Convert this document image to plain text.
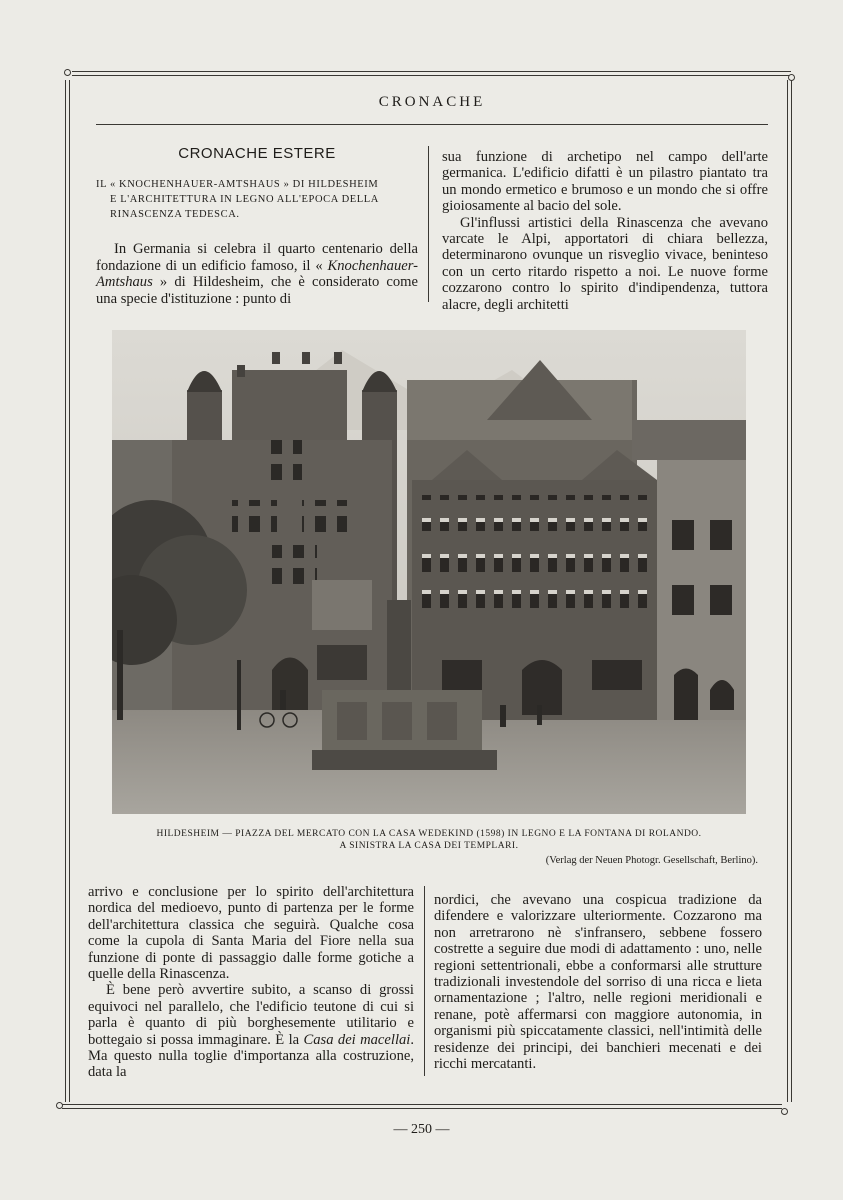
CRONACHE
CRONACHE ESTERE
IL « KNOCHENHAUER-AMTSHAUS » DI HILDESHEIM
E L'ARCHITETTURA IN LEGNO ALL'EPOCA DELLA
RINASCENZA TEDESCA.

In Germania si celebra il quarto centenario della fondazione di un edificio famoso, il « Knochenhauer-Amtshaus » di Hildesheim, che è considerato come una specie d'istituzione : punto di

sua funzione di archetipo nel campo dell'arte germanica. L'edificio difatti è un pilastro piantato tra un mondo ermetico e brumoso e un mondo che si offre gioiosamente al bacio del sole.

Gl'influssi artistici della Rinascenza che avevano varcate le Alpi, apportatori di chiara bellezza, determinarono ovunque un risveglio vivace, beninteso con un certo ritardo rispetto a noi. Le nuove forme cozzarono contro lo spirito d'indipendenza, tuttora alacre, degli architetti

HILDESHEIM — PIAZZA DEL MERCATO CON LA CASA WEDEKIND (1598) IN LEGNO E LA FONTANA DI ROLANDO.
A SINISTRA LA CASA DEI TEMPLARI.
(Verlag der Neuen Photogr. Gesellschaft, Berlino).

arrivo e conclusione per lo spirito dell'architettura nordica del medioevo, punto di partenza per le forme dell'architettura classica che seguirà. Qualche cosa come la cupola di Santa Maria del Fiore nella sua funzione di ponte di passaggio dalle forme gotiche a quelle della Rinascenza.

È bene però avvertire subito, a scanso di grossi equivoci nel parallelo, che l'edificio teutone di cui si parla è quanto di più borghesemente utilitario e bottegaio si possa immaginare. È la Casa dei macellai. Ma questo nulla toglie d'importanza alla costruzione, data la

nordici, che avevano una cospicua tradizione da difendere e valorizzare ulteriormente. Cozzarono ma non arretrarono nè s'infransero, sebbene fossero costrette a seguire due modi di adattamento : uno, nelle regioni settentrionali, ebbe a conformarsi alle strutture tradizionali investendole del sorriso di una ricca e lieta ornamentazione ; l'altro, nelle regioni meridionali e renane, potè affermarsi con maggiore autonomia, in organismi più spiccatamente classici, nell'intimità delle residenze dei principi, dei banchieri mecenati e dei ricchi mercatanti.

— 250 —
